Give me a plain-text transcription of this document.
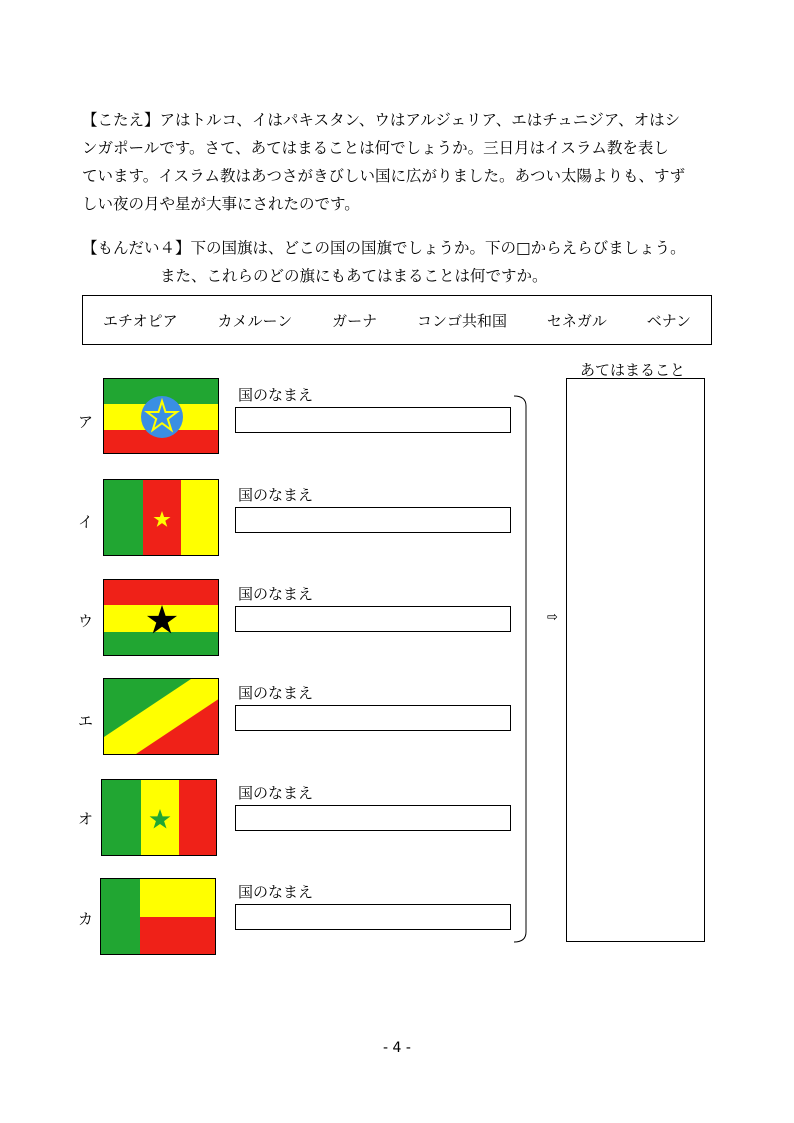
【こたえ】アはトルコ、イはパキスタン、ウはアルジェリア、エはチュニジア、オはシ
ンガポールです。さて、あてはまることは何でしょうか。三日月はイスラム教を表し
ています。イスラム教はあつさがきびしい国に広がりました。あつい太陽よりも、すず
しい夜の月や星が大事にされたのです。
【もんだい４】下の国旗は、どこの国の国旗でしょうか。下の□からえらびましょう。
また、これらのどの旗にもあてはまることは何ですか。
エチオピア	カメルーン	ガーナ	コンゴ共和国	セネガル	ベナン
ア
国のなまえ
イ
国のなまえ
ウ
国のなまえ
エ
国のなまえ
オ
国のなまえ
カ
国のなまえ
⇨
あてはまること
- 4 -
